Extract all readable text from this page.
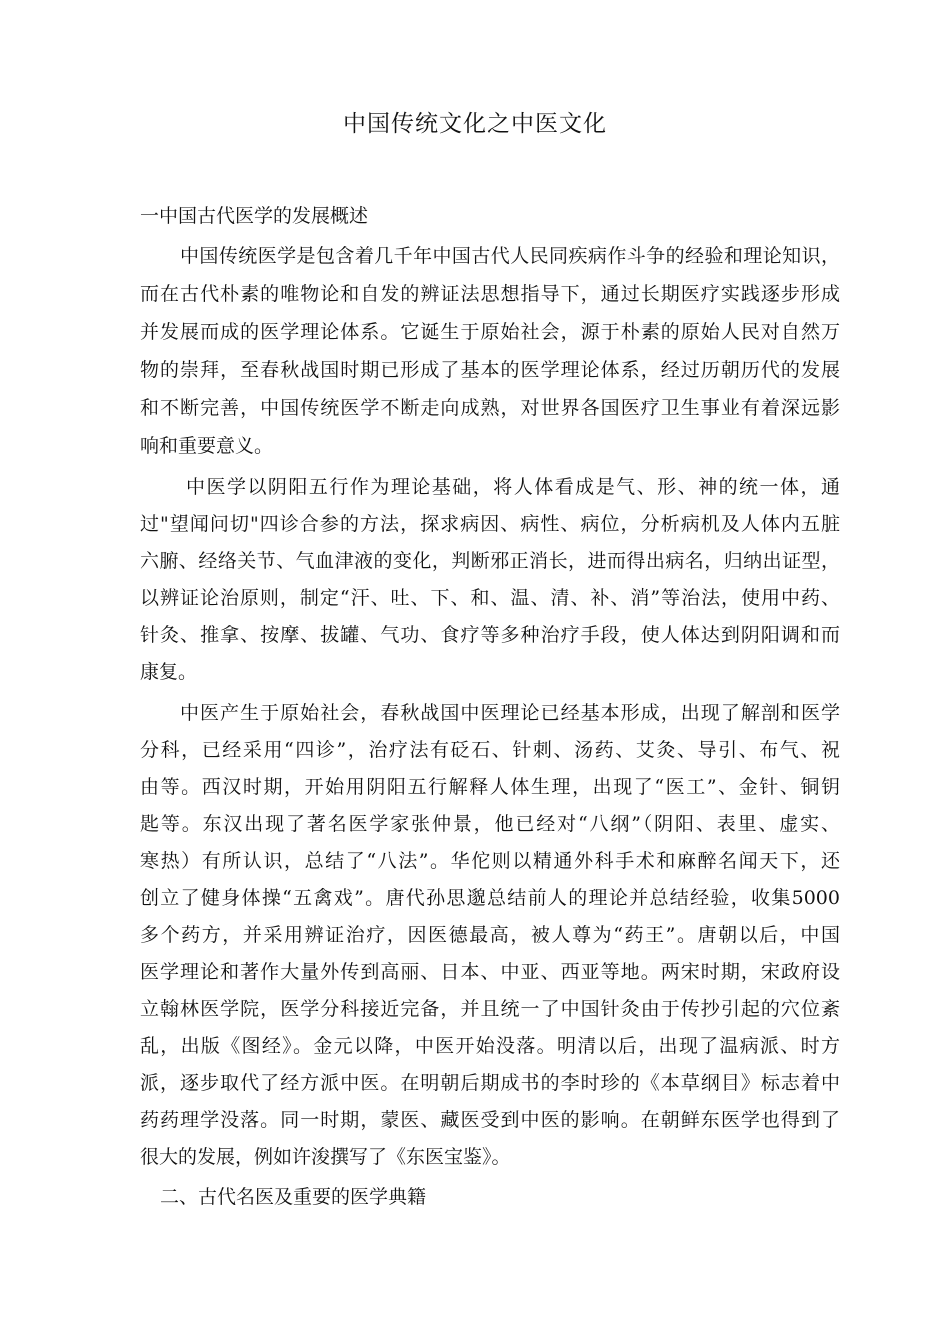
中国传统文化之中医文化
一中国古代医学的发展概述
中国传统医学是包含着几千年中国古代人民同疾病作斗争的经验和理论知识，
而在古代朴素的唯物论和自发的辨证法思想指导下，通过长期医疗实践逐步形成
并发展而成的医学理论体系。它诞生于原始社会，源于朴素的原始人民对自然万
物的崇拜，至春秋战国时期已形成了基本的医学理论体系，经过历朝历代的发展
和不断完善，中国传统医学不断走向成熟，对世界各国医疗卫生事业有着深远影
响和重要意义。
中医学以阴阳五行作为理论基础，将人体看成是气、形、神的统一体，通
过"望闻问切"四诊合参的方法，探求病因、病性、病位，分析病机及人体内五脏
六腑、经络关节、气血津液的变化，判断邪正消长，进而得出病名，归纳出证型，
以辨证论治原则，制定“汗、吐、下、和、温、清、补、消”等治法，使用中药、
针灸、推拿、按摩、拔罐、气功、食疗等多种治疗手段，使人体达到阴阳调和而
康复。
中医产生于原始社会，春秋战国中医理论已经基本形成，出现了解剖和医学
分科，已经采用“四诊”，治疗法有砭石、针刺、汤药、艾灸、导引、布气、祝
由等。西汉时期，开始用阴阳五行解释人体生理，出现了“医工”、金针、铜钥
匙等。东汉出现了著名医学家张仲景，他已经对“八纲”（阴阳、表里、虚实、
寒热）有所认识，总结了“八法”。华佗则以精通外科手术和麻醉名闻天下，还
创立了健身体操“五禽戏”。唐代孙思邈总结前人的理论并总结经验，收集5000
多个药方，并采用辨证治疗，因医德最高，被人尊为“药王”。唐朝以后，中国
医学理论和著作大量外传到高丽、日本、中亚、西亚等地。两宋时期，宋政府设
立翰林医学院，医学分科接近完备，并且统一了中国针灸由于传抄引起的穴位紊
乱，出版《图经》。金元以降，中医开始没落。明清以后，出现了温病派、时方
派，逐步取代了经方派中医。在明朝后期成书的李时珍的《本草纲目》标志着中
药药理学没落。同一时期，蒙医、藏医受到中医的影响。在朝鲜东医学也得到了
很大的发展，例如许浚撰写了《东医宝鉴》。
二、古代名医及重要的医学典籍
